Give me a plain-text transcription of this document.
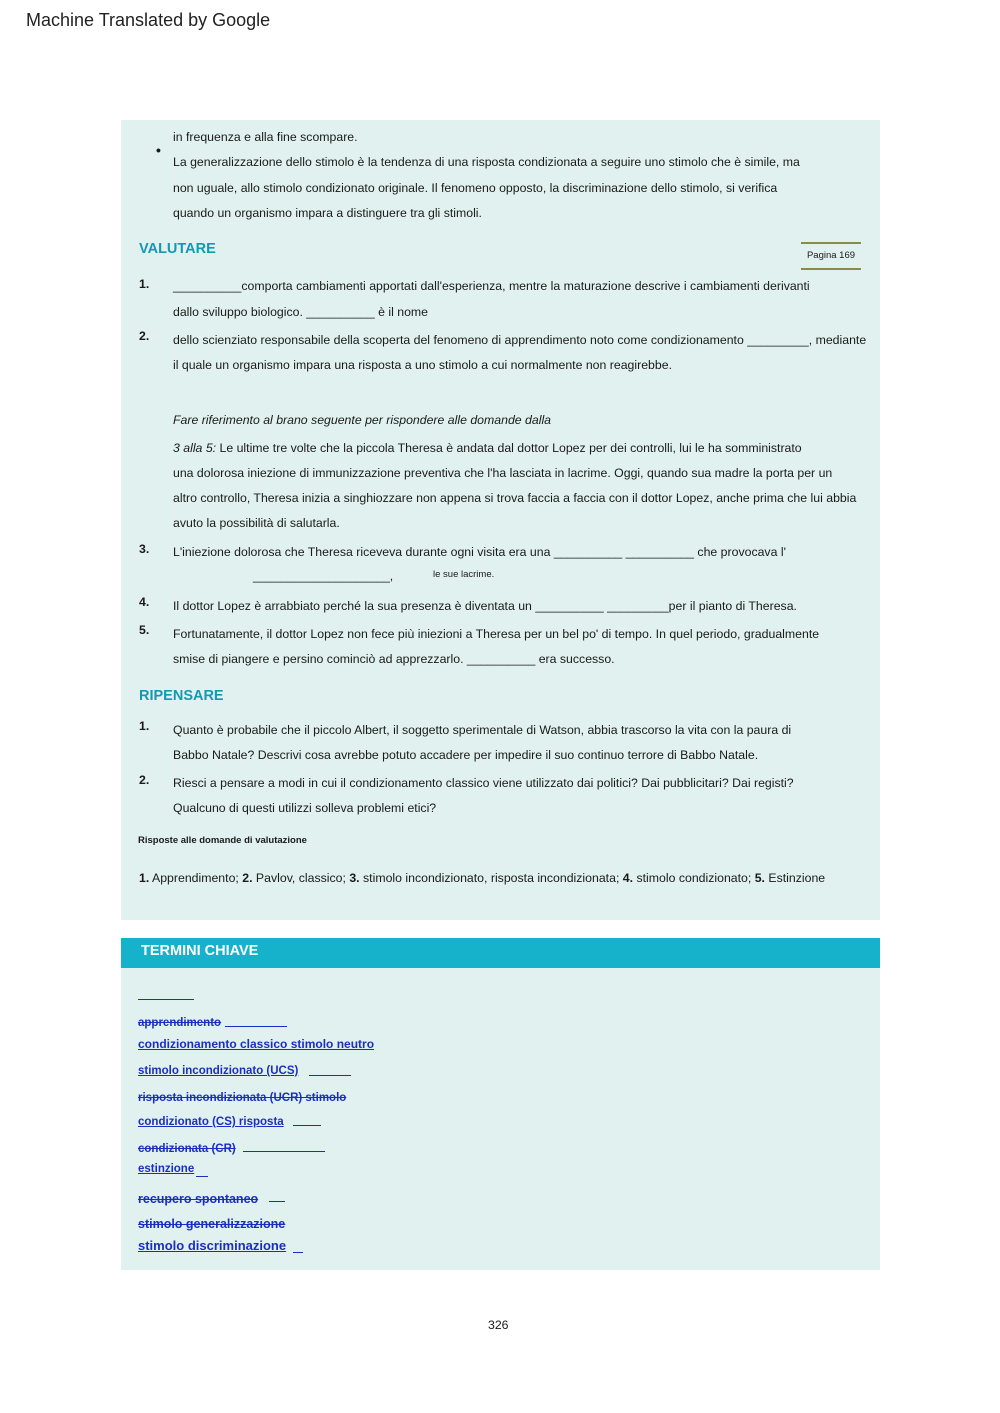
Machine Translated by Google
in frequenza e alla fine scompare.
•
La generalizzazione dello stimolo è la tendenza di una risposta condizionata a seguire uno stimolo che è simile, ma
non uguale, allo stimolo condizionato originale. Il fenomeno opposto, la discriminazione dello stimolo, si verifica
quando un organismo impara a distinguere tra gli stimoli.
VALUTARE	Pagina 169
1. __________comporta cambiamenti apportati dall'esperienza, mentre la maturazione descrive i cambiamenti derivanti
dallo sviluppo biologico. __________ è il nome
2. dello scienziato responsabile della scoperta del fenomeno di apprendimento noto come condizionamento _________, mediante
il quale un organismo impara una risposta a uno stimolo a cui normalmente non reagirebbe.
Fare riferimento al brano seguente per rispondere alle domande dalla
3 alla 5: Le ultime tre volte che la piccola Theresa è andata dal dottor Lopez per dei controlli, lui le ha somministrato
una dolorosa iniezione di immunizzazione preventiva che l'ha lasciata in lacrime. Oggi, quando sua madre la porta per un
altro controllo, Theresa inizia a singhiozzare non appena si trova faccia a faccia con il dottor Lopez, anche prima che lui abbia
avuto la possibilità di salutarla.
3. L'iniezione dolorosa che Theresa riceveva durante ogni visita era una __________ __________ che provocava l'
____________________,	le sue lacrime.
4. Il dottor Lopez è arrabbiato perché la sua presenza è diventata un __________ _________per il pianto di Theresa.
5. Fortunatamente, il dottor Lopez non fece più iniezioni a Theresa per un bel po' di tempo. In quel periodo, gradualmente
smise di piangere e persino cominciò ad apprezzarlo. __________ era successo.
RIPENSARE
1. Quanto è probabile che il piccolo Albert, il soggetto sperimentale di Watson, abbia trascorso la vita con la paura di
Babbo Natale? Descrivi cosa avrebbe potuto accadere per impedire il suo continuo terrore di Babbo Natale.
2. Riesci a pensare a modi in cui il condizionamento classico viene utilizzato dai politici? Dai pubblicitari? Dai registi?
Qualcuno di questi utilizzi solleva problemi etici?
Risposte alle domande di valutazione
1. Apprendimento; 2. Pavlov, classico; 3. stimolo incondizionato, risposta incondizionata; 4. stimolo condizionato; 5. Estinzione
TERMINI CHIAVE
apprendimento
condizionamento classico stimolo neutro
stimolo incondizionato (UCS)
risposta incondizionata (UCR) stimolo
condizionato (CS) risposta
condizionata (CR)
estinzione
recupero spontaneo
stimolo generalizzazione
stimolo discriminazione
326
